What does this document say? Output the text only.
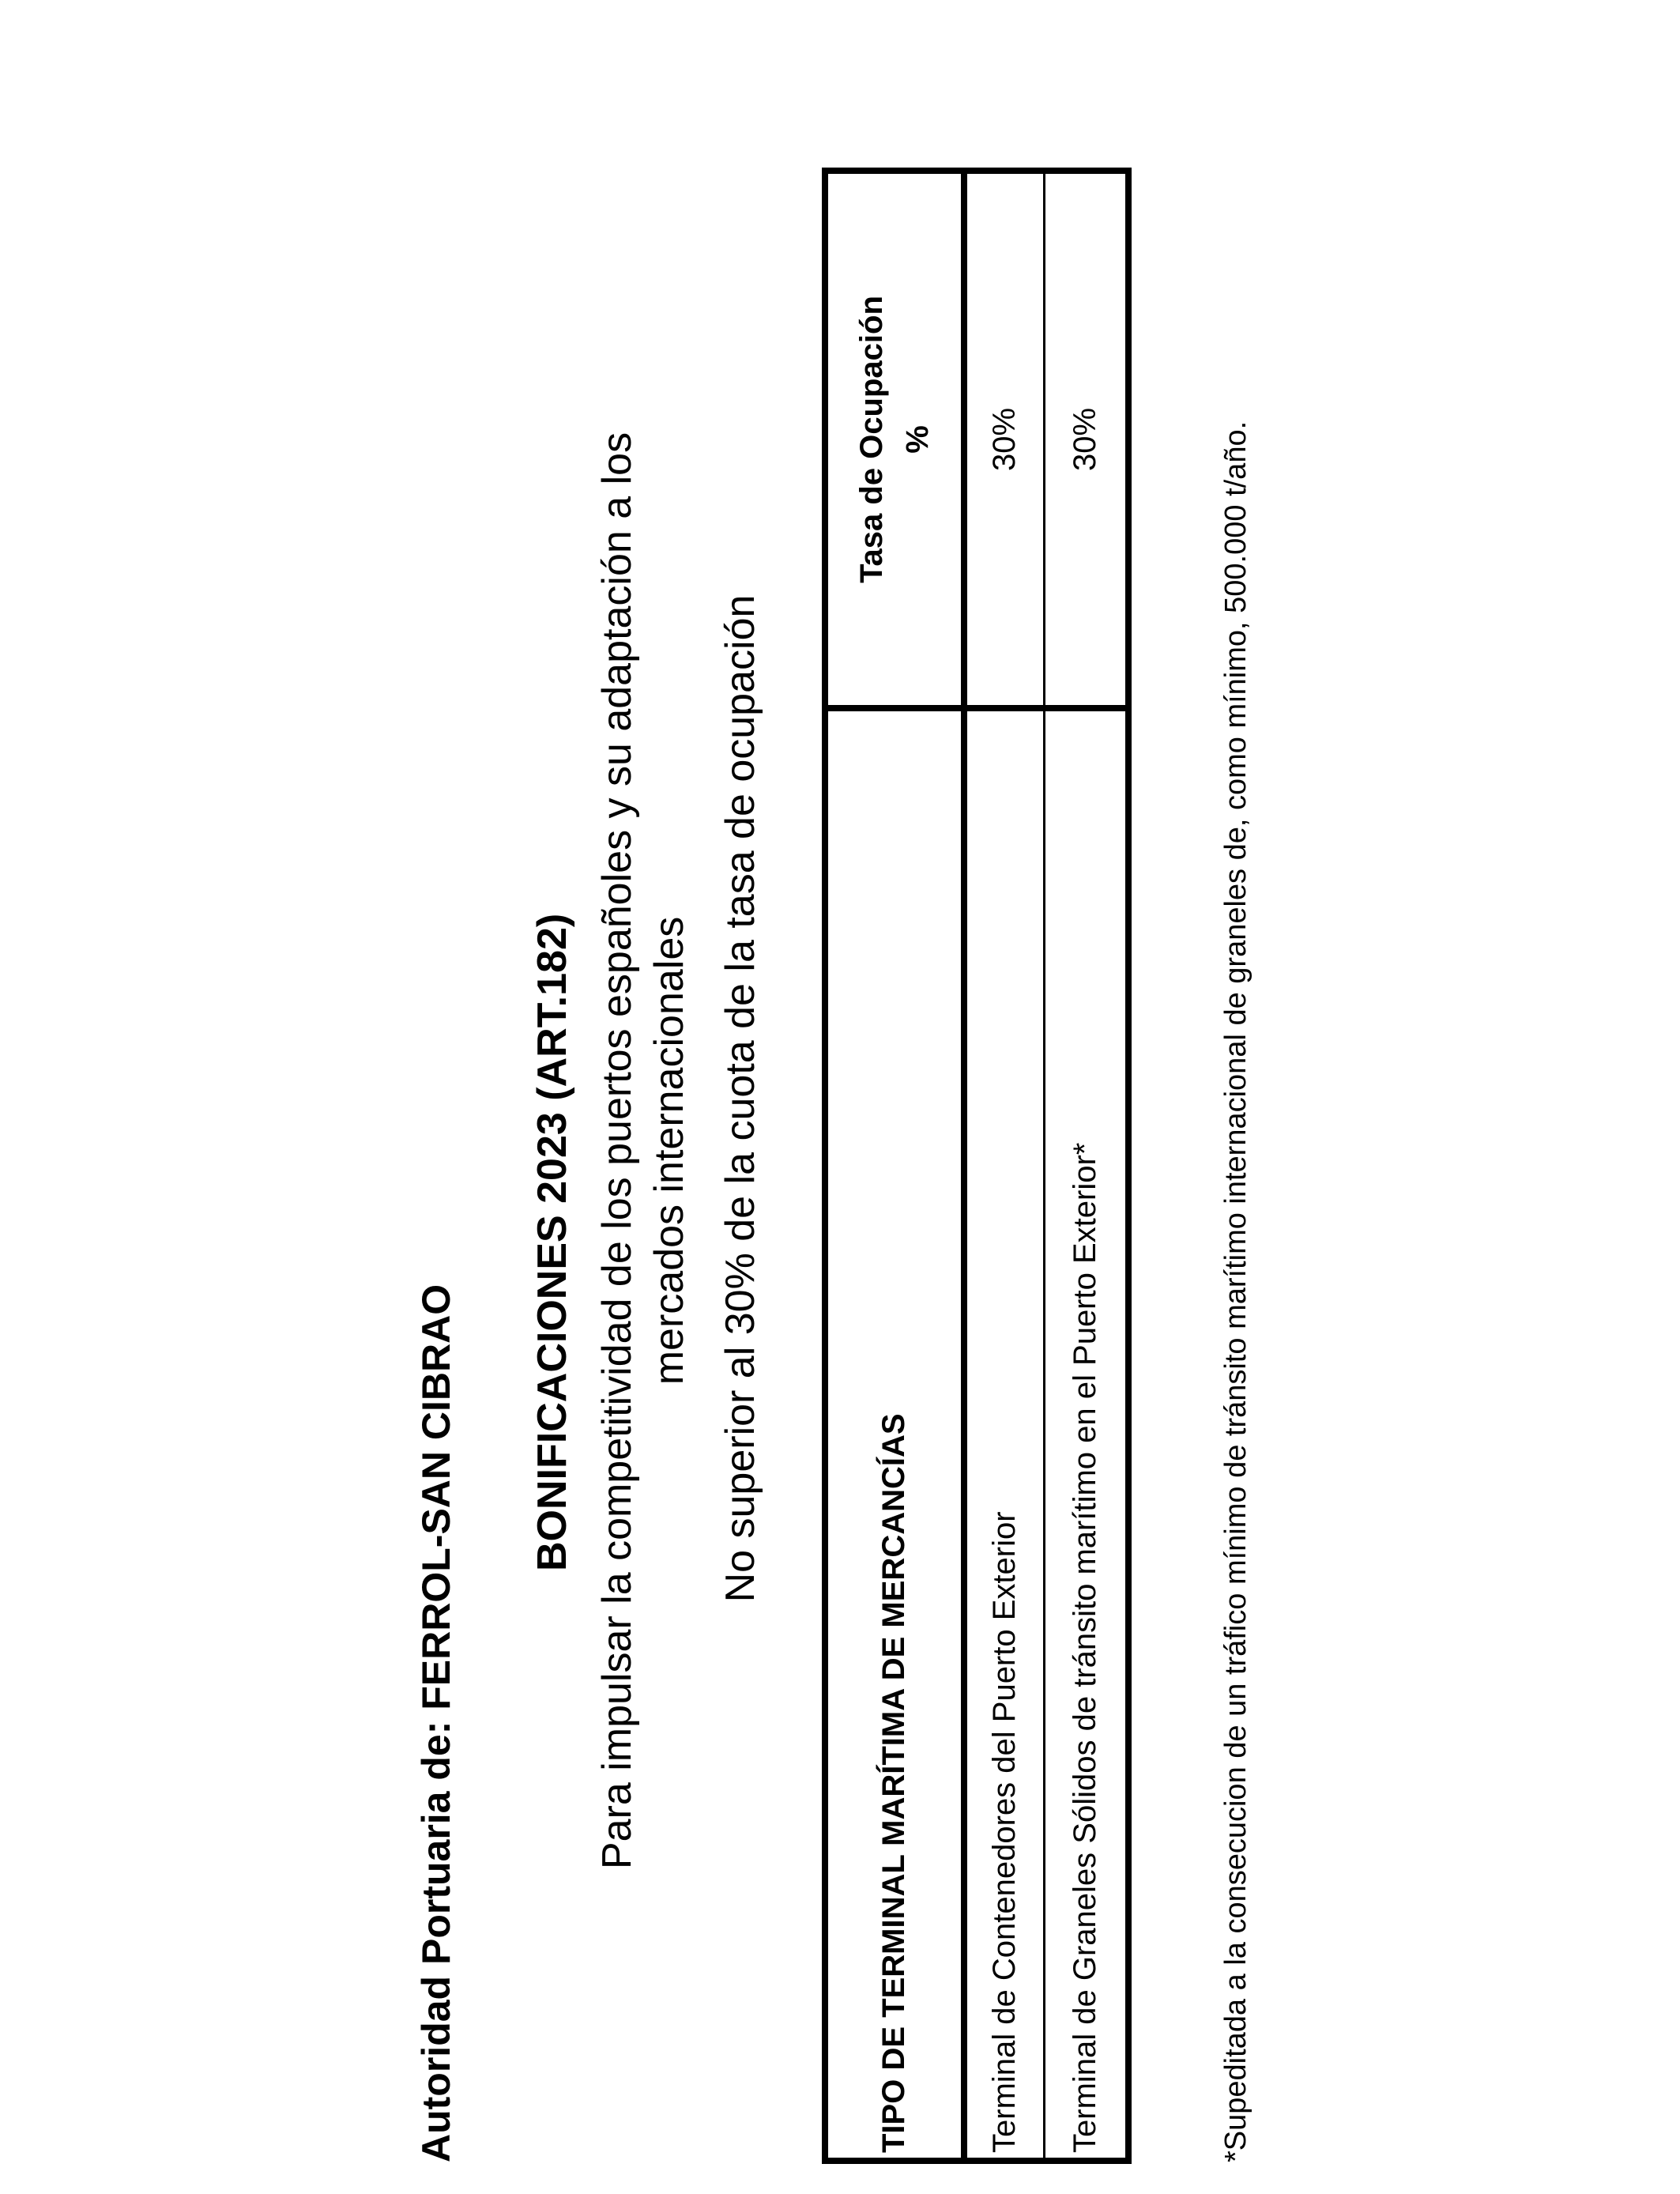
Autoridad Portuaria de: FERROL-SAN CIBRAO
BONIFICACIONES 2023 (ART.182) Para impulsar la competitividad de los puertos españoles y su adaptación a los mercados internacionales No superior al 30% de la cuota de la tasa de ocupación
TIPO DE TERMINAL MARÍTIMA DE MERCANCÍAS	Tasa de Ocupación %

Terminal de Contenedores del Puerto Exterior	30%
Terminal de Graneles Sólidos de tránsito marítimo en el Puerto Exterior*	30%	*Supeditada a la consecucion de un tráfico mínimo de tránsito marítimo internacional de graneles de, como mínimo, 500.000 t/año.
